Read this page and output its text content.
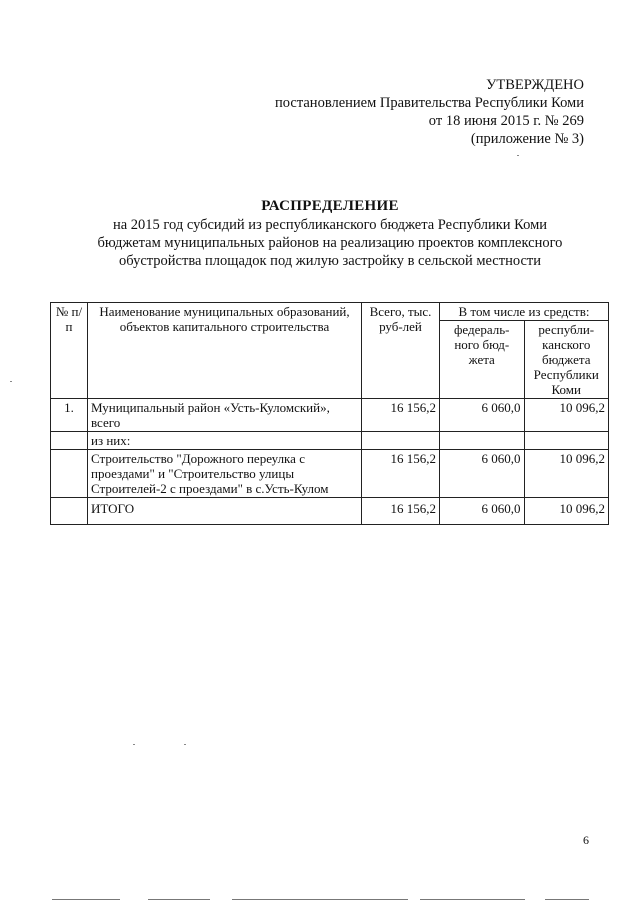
УТВЕРЖДЕНО
постановлением Правительства Республики Коми
от 18 июня 2015 г. № 269
(приложение № 3)
РАСПРЕДЕЛЕНИЕ
на 2015 год субсидий из республиканского бюджета Республики Коми
бюджетам муниципальных районов на реализацию проектов комплексного
обустройства площадок под жилую застройку в сельской местности
№ п/п	Наименование муниципальных образований, объектов капитального строительства	Всего, тыс. руб-лей	В том числе из средств:	
			федераль-ного бюд-жета	республи-канского бюджета Республики Коми
1.	Муниципальный район «Усть-Куломский», всего	16 156,2	6 060,0	10 096,2
	из них:			
	Строительство "Дорожного переулка с проездами" и "Строительство улицы Строителей-2 с проездами" в с.Усть-Кулом	16 156,2	6 060,0	10 096,2
	ИТОГО	16 156,2	6 060,0	10 096,2
6
